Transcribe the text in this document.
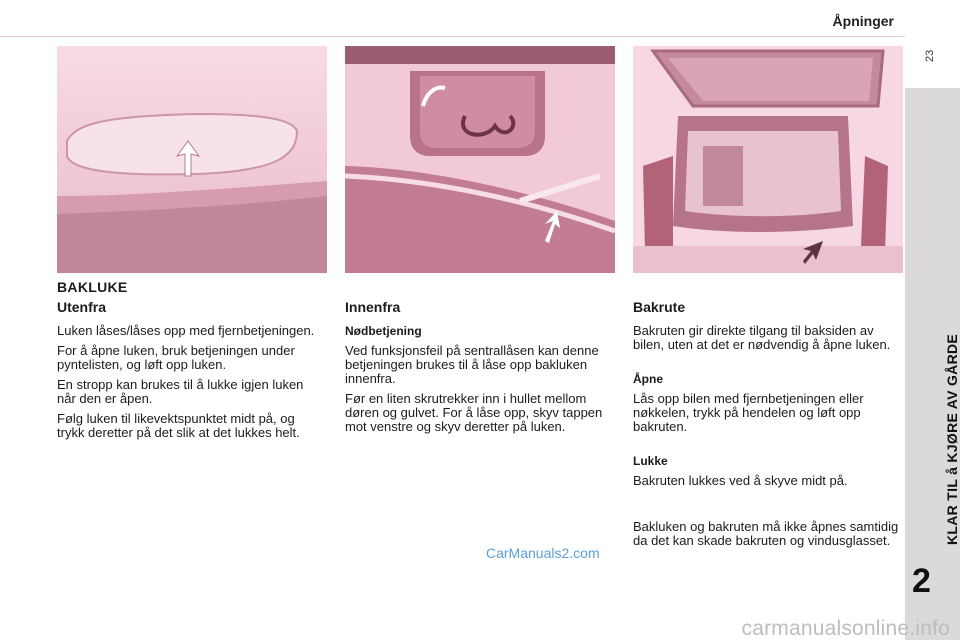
Åpninger
23
KLAR TIL å KJØRE AV GÅRDE
2
BAKLUKE
Utenfra

Luken låses/låses opp med fjernbetjeningen.

For å åpne luken, bruk betjeningen under pyntelisten, og løft opp luken.

En stropp kan brukes til å lukke igjen luken når den er åpen.

Følg luken til likevektspunktet midt på, og trykk deretter på det slik at det lukkes helt.

Innenfra
Nødbetjening

Ved funksjonsfeil på sentrallåsen kan denne betjeningen brukes til å låse opp bakluken innenfra.

Før en liten skrutrekker inn i hullet mellom døren og gulvet. For å låse opp, skyv tappen mot venstre og skyv deretter på luken.

Bakrute

Bakruten gir direkte tilgang til baksiden av bilen, uten at det er nødvendig å åpne luken.

Åpne

Lås opp bilen med fjernbetjeningen eller nøkkelen, trykk på hendelen og løft opp bakruten.

Lukke

Bakruten lukkes ved å skyve midt på.

Bakluken og bakruten må ikke åpnes samtidig da det kan skade bakruten og vindusglasset.

CarManuals2.com
carmanualsonline.info
